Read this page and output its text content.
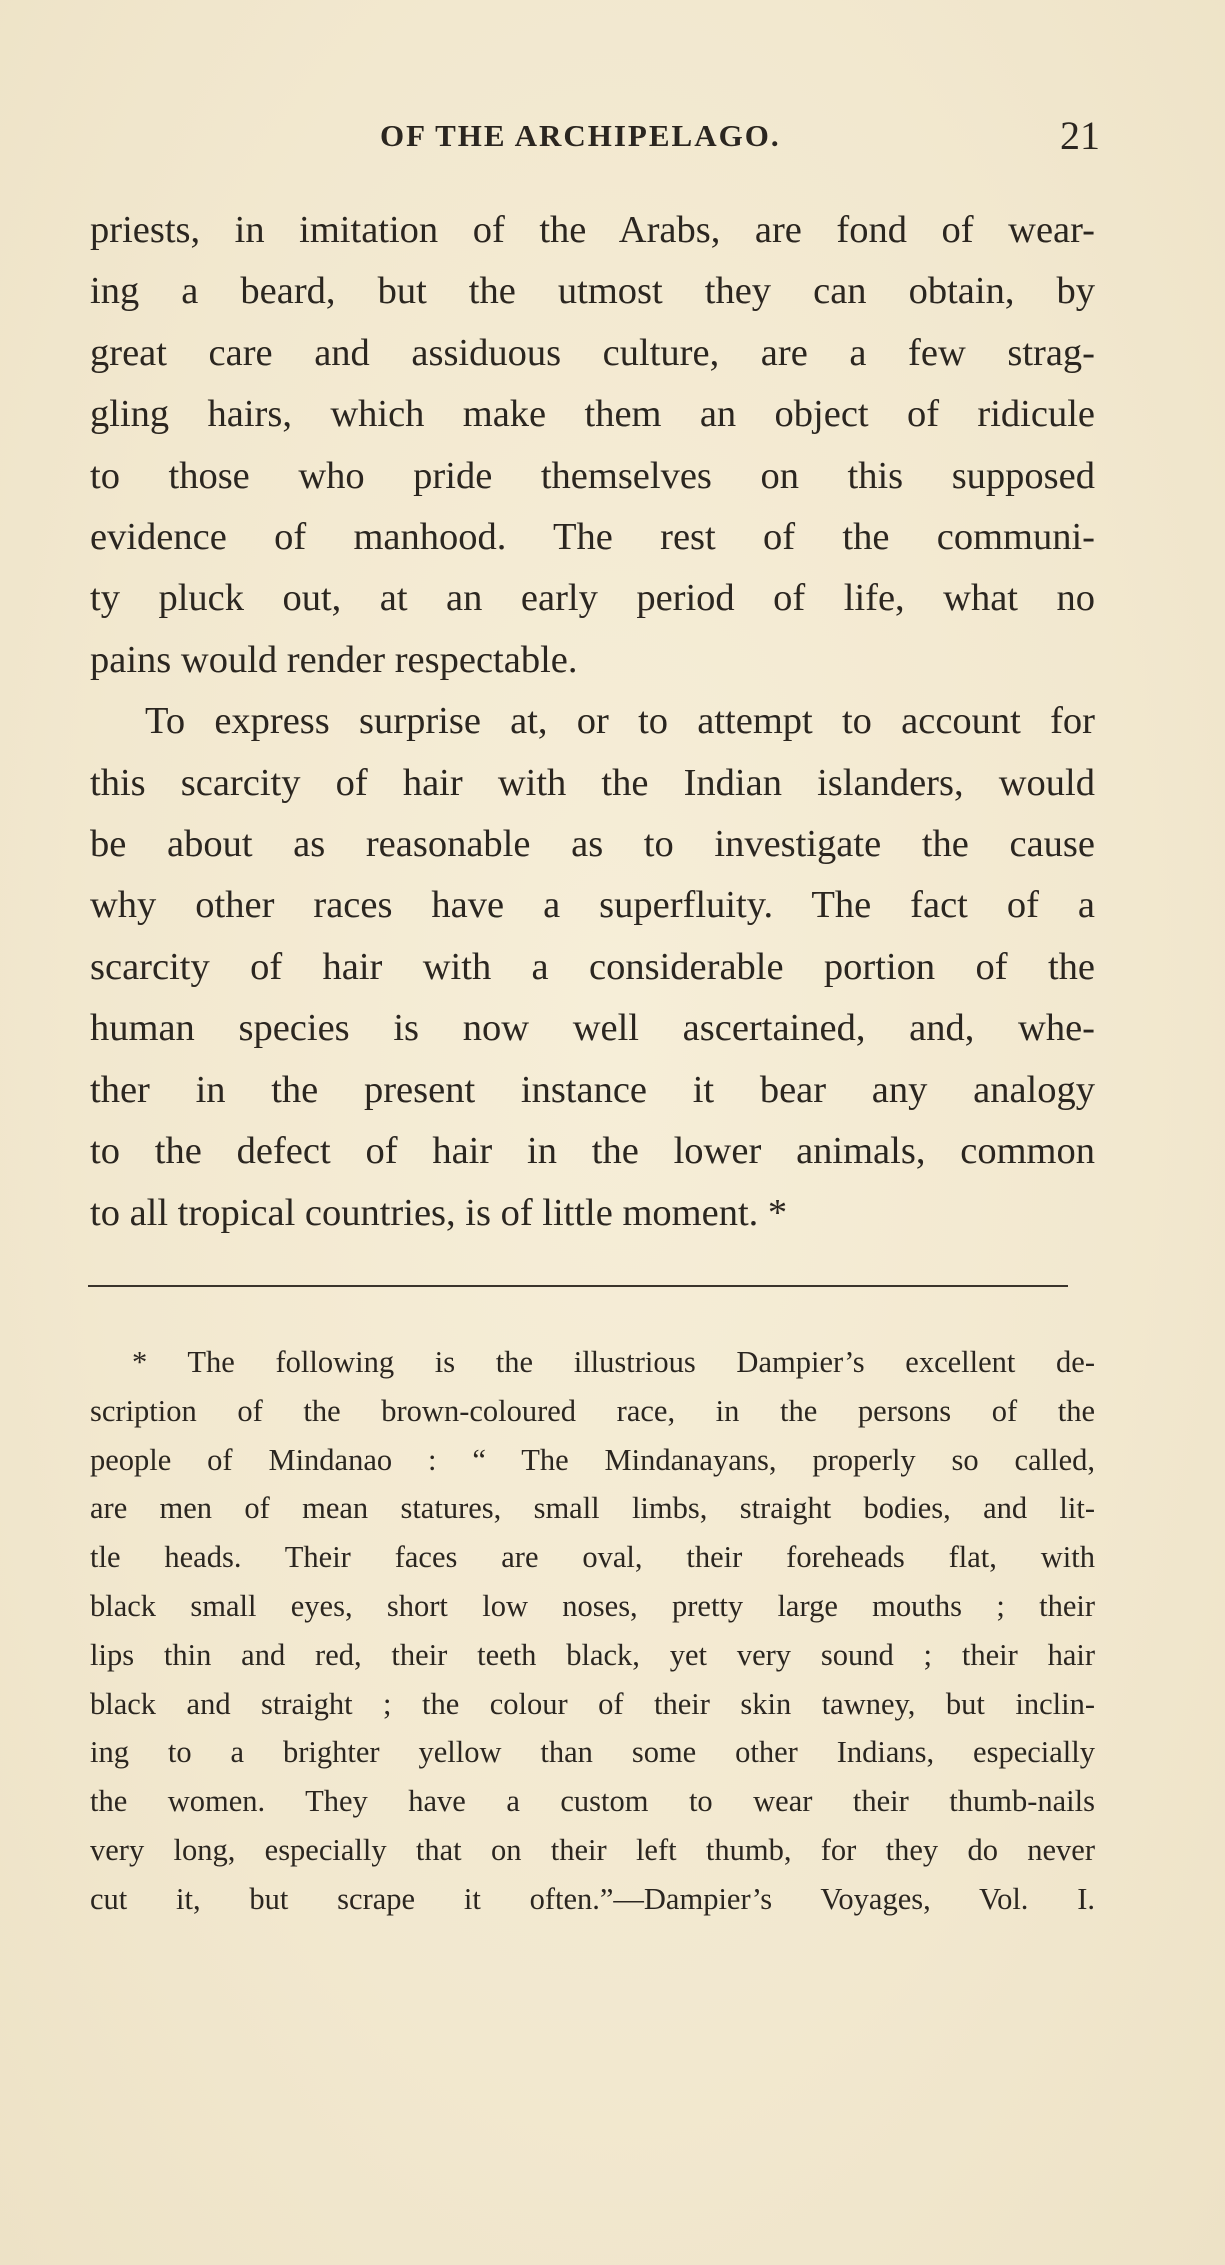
OF THE ARCHIPELAGO.	21
priests, in imitation of the Arabs, are fond of wear-
ing a beard, but the utmost they can obtain, by
great care and assiduous culture, are a few strag-
gling hairs, which make them an object of ridicule
to those who pride themselves on this supposed
evidence of manhood. The rest of the communi-
ty pluck out, at an early period of life, what no
pains would render respectable.
To express surprise at, or to attempt to account for
this scarcity of hair with the Indian islanders, would
be about as reasonable as to investigate the cause
why other races have a superfluity. The fact of a
scarcity of hair with a considerable portion of the
human species is now well ascertained, and, whe-
ther in the present instance it bear any analogy
to the defect of hair in the lower animals, common
to all tropical countries, is of little moment. *
* The following is the illustrious Dampier’s excellent de-
scription of the brown-coloured race, in the persons of the
people of Mindanao : “ The Mindanayans, properly so called,
are men of mean statures, small limbs, straight bodies, and lit-
tle heads. Their faces are oval, their foreheads flat, with
black small eyes, short low noses, pretty large mouths ; their
lips thin and red, their teeth black, yet very sound ; their hair
black and straight ; the colour of their skin tawney, but inclin-
ing to a brighter yellow than some other Indians, especially
the women. They have a custom to wear their thumb-nails
very long, especially that on their left thumb, for they do never
cut it, but scrape it often.”—Dampier’s Voyages, Vol. I.
